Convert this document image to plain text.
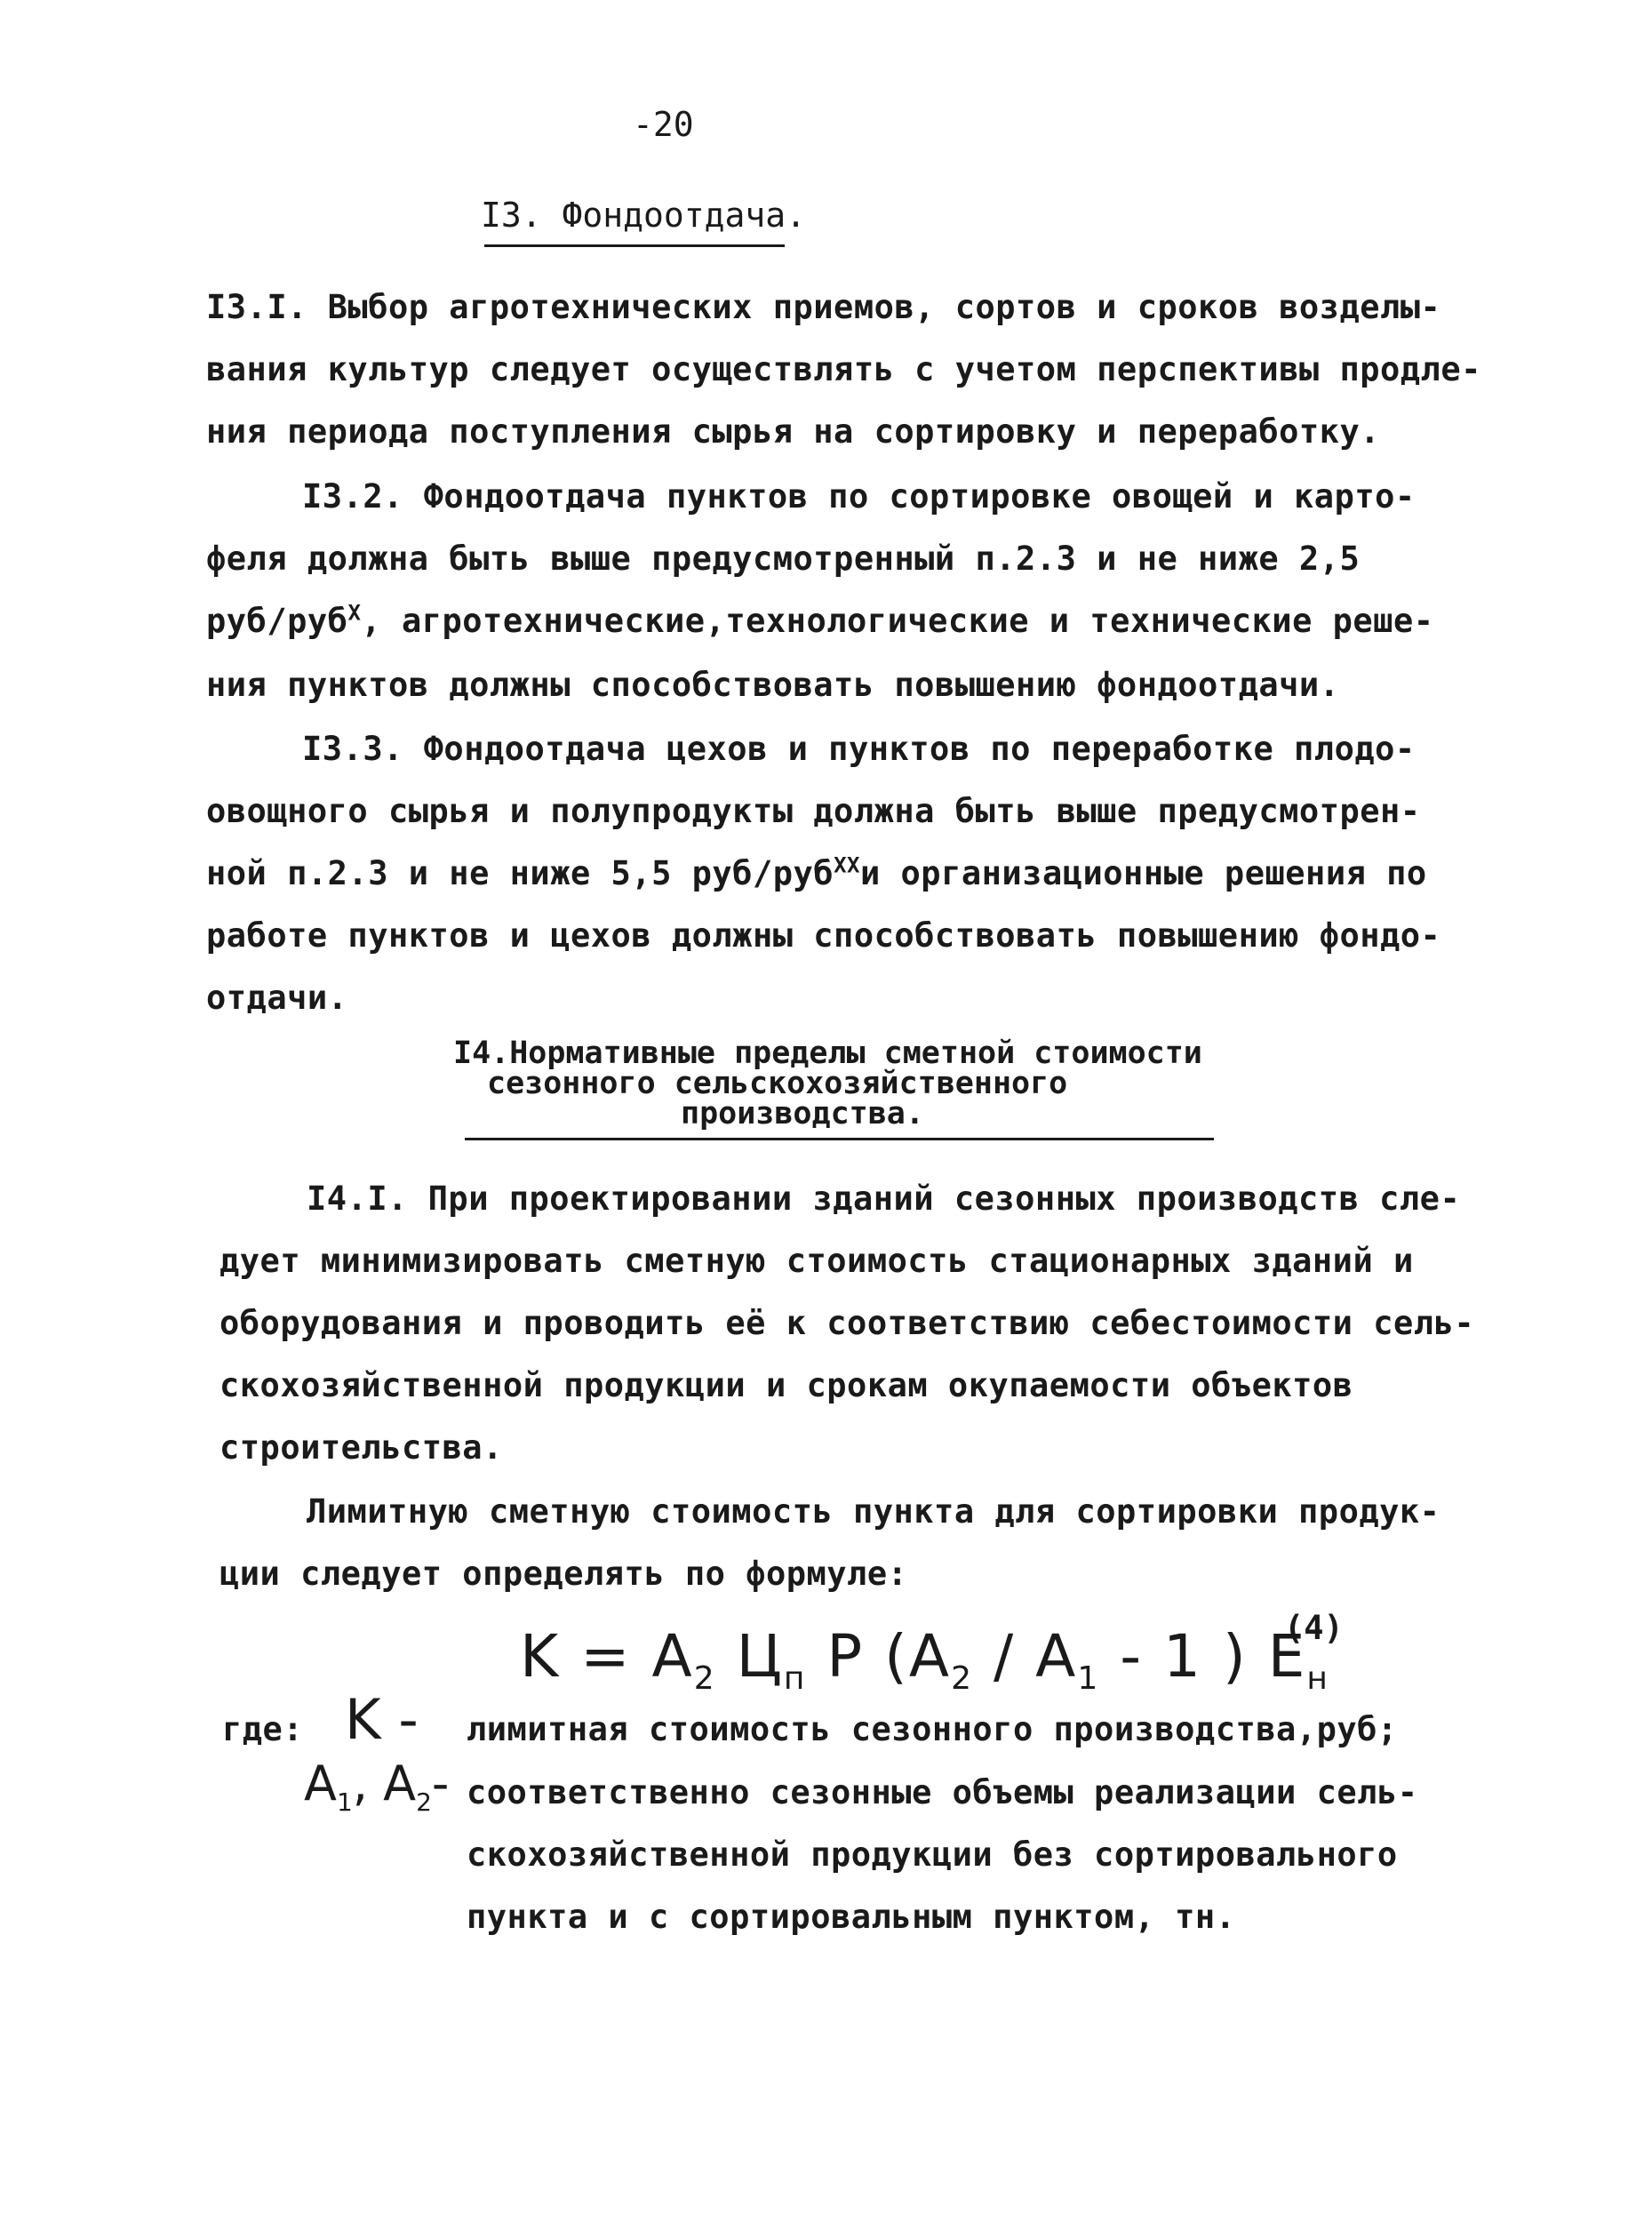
-20
I3. Фондоотдача.
I3.I. Выбор агротехнических приемов, сортов и сроков возделы-
вания культур следует осуществлять с учетом перспективы продле-
ния периода поступления сырья на сортировку и переработку.
I3.2. Фондоотдача пунктов по сортировке овощей и карто-
феля должна быть выше предусмотренный п.2.3 и не ниже 2,5
руб/руб$^X$, агротехнические,технологические и технические реше-
ния пунктов должны способствовать повышению фондоотдачи.
I3.3. Фондоотдача цехов и пунктов по переработке плодо-
овощного сырья и полупродукты должна быть выше предусмотрен-
ной п.2.3 и не ниже 5,5 руб/руб$^{XX}$и организационные решения по
работе пунктов и цехов должны способствовать повышению фондо-
отдачи.
I4.Нормативные пределы сметной стоимости
сезонного сельскохозяйственного
производства.
I4.I. При проектировании зданий сезонных производств сле-
дует минимизировать сметную стоимость стационарных зданий и
оборудования и проводить её к соответствию себестоимости сель-
скохозяйственной продукции и срокам окупаемости объектов
строительства.
Лимитную сметную стоимость пункта для сортировки продук-
ции следует определять по формуле:
$K = A_2$ $Ц_п$ P ($A_2 / A_1 - 1$ ) $E_н$
(4)
где: K - лимитная стоимость сезонного производства,руб;
$A_1$, $A_2-$ соответственно сезонные объемы реализации сель-
скохозяйственной продукции без сортировального
пункта и с сортировальным пунктом, тн.
